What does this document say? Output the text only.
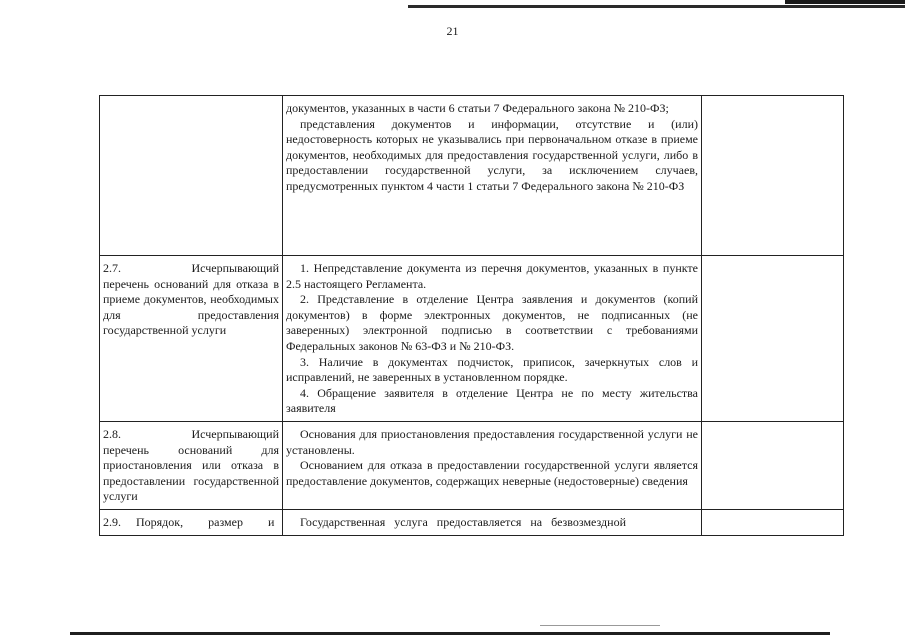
21

	документов, указанных в части 6 статьи 7 Федерального закона № 210-ФЗ;

представления документов и информации, отсутствие и (или) недостоверность которых не указывались при первоначальном отказе в приеме документов, необходимых для предоставления государственной услуги, либо в предоставлении государственной услуги, за исключением случаев, предусмотренных пунктом 4 части 1 статьи 7 Федерального закона № 210-ФЗ	

2.7. Исчерпывающий перечень оснований для отказа в приеме документов, необходимых для предоставления государственной услуги	1. Непредставление документа из перечня документов, указанных в пункте 2.5 настоящего Регламента.

2. Представление в отделение Центра заявления и документов (копий документов) в форме электронных документов, не подписанных (не заверенных) электронной подписью в соответствии с требованиями Федеральных законов № 63-ФЗ и № 210-ФЗ.

3. Наличие в документах подчисток, приписок, зачеркнутых слов и исправлений, не заверенных в установленном порядке.

4. Обращение заявителя в отделение Центра не по месту жительства заявителя	

2.8. Исчерпывающий перечень оснований для приостановления или отказа в предоставлении государственной услуги	Основания для приостановления предоставления государственной услуги не установлены.

Основанием для отказа в предоставлении государственной услуги является предоставление документов, содержащих неверные (недостоверные) сведения	

2.9. Порядок, размер и	Государственная услуга предоставляется на безвозмездной	
